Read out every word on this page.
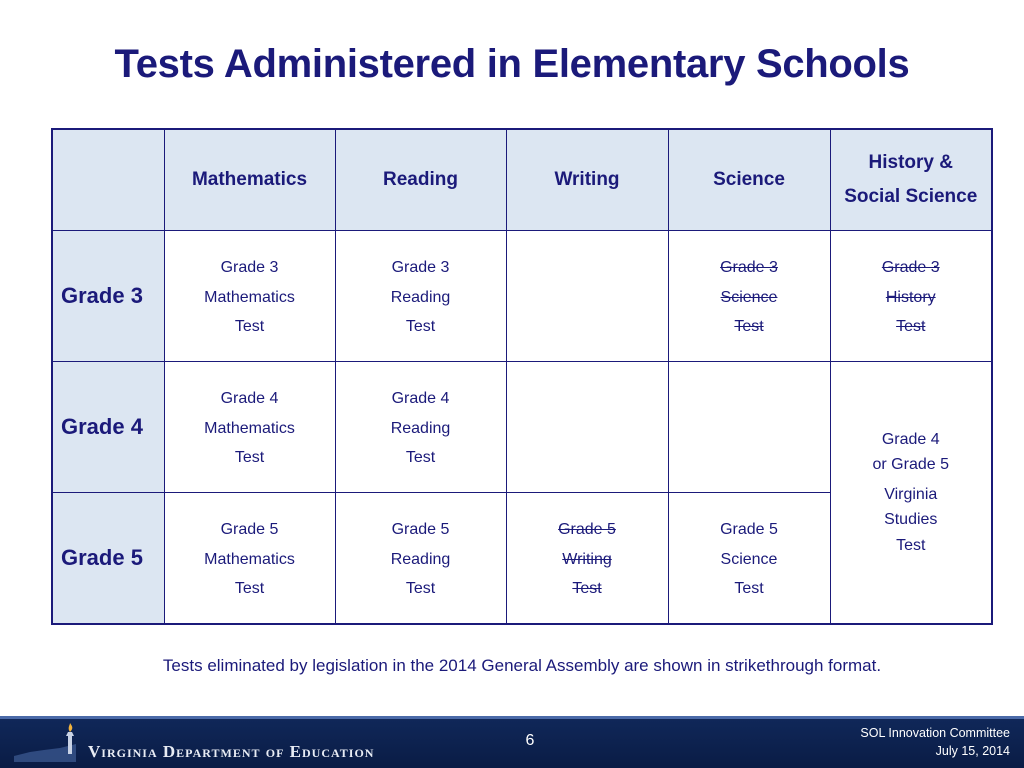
Tests Administered in Elementary Schools
	Mathematics	Reading	Writing	Science	History &
Social Science
Grade 3	Grade 3
Mathematics
Test	Grade 3
Reading
Test		Grade 3
Science
Test	Grade 3
History
Test
Grade 4	Grade 4
Mathematics
Test	Grade 4
Reading
Test			Grade 4
or Grade 5
Virginia
Studies
Test
Grade 5	Grade 5
Mathematics
Test	Grade 5
Reading
Test	Grade 5
Writing
Test	Grade 5
Science
Test	
Tests eliminated by legislation in the 2014 General Assembly are shown in strikethrough format.
Virginia Department of Education
6	SOL Innovation Committee
July 15, 2014
